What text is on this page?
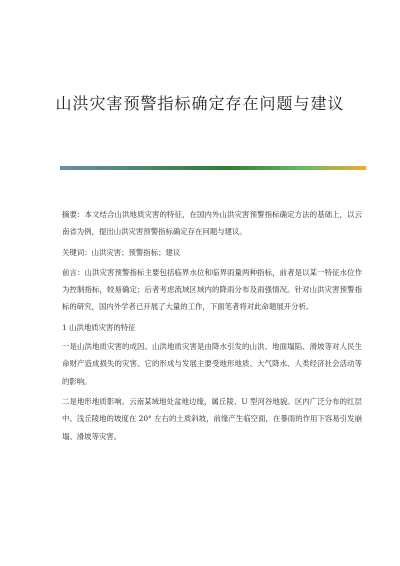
山洪灾害预警指标确定存在问题与建议

摘要：本文结合山洪地质灾害的特征，在国内外山洪灾害预警指标确定方法的基础上，以云南省为例，提出山洪灾害预警指标确定存在问题与建议。

关键词：山洪灾害；预警指标；建议

前言：山洪灾害预警指标主要包括临界水位和临界雨量两种指标，前者是以某一特征水位作为控制指标，较易确定；后者考虑流域区域内的降雨分布及雨强情况。针对山洪灾害预警指标的研究，国内外学者已开展了大量的工作，下面笔者将对此命题展开分析。

1 山洪地质灾害的特征

一是山洪地质灾害的成因。山洪地质灾害是由降水引发的山洪、地面塌陷、滑坡等对人民生命财产造成损失的灾害。它的形成与发展主要受地形地质、大气降水、人类经济社会活动等的影响。

二是地形地质影响。云南某域地处盆地边缘，属丘陵、U 型河谷地貌。区内广泛分布的红层中、浅丘陵地的坡度在 20° 左右的土质斜坡，前缘产生临空面，在暴雨的作用下容易引发崩塌、滑坡等灾害。
